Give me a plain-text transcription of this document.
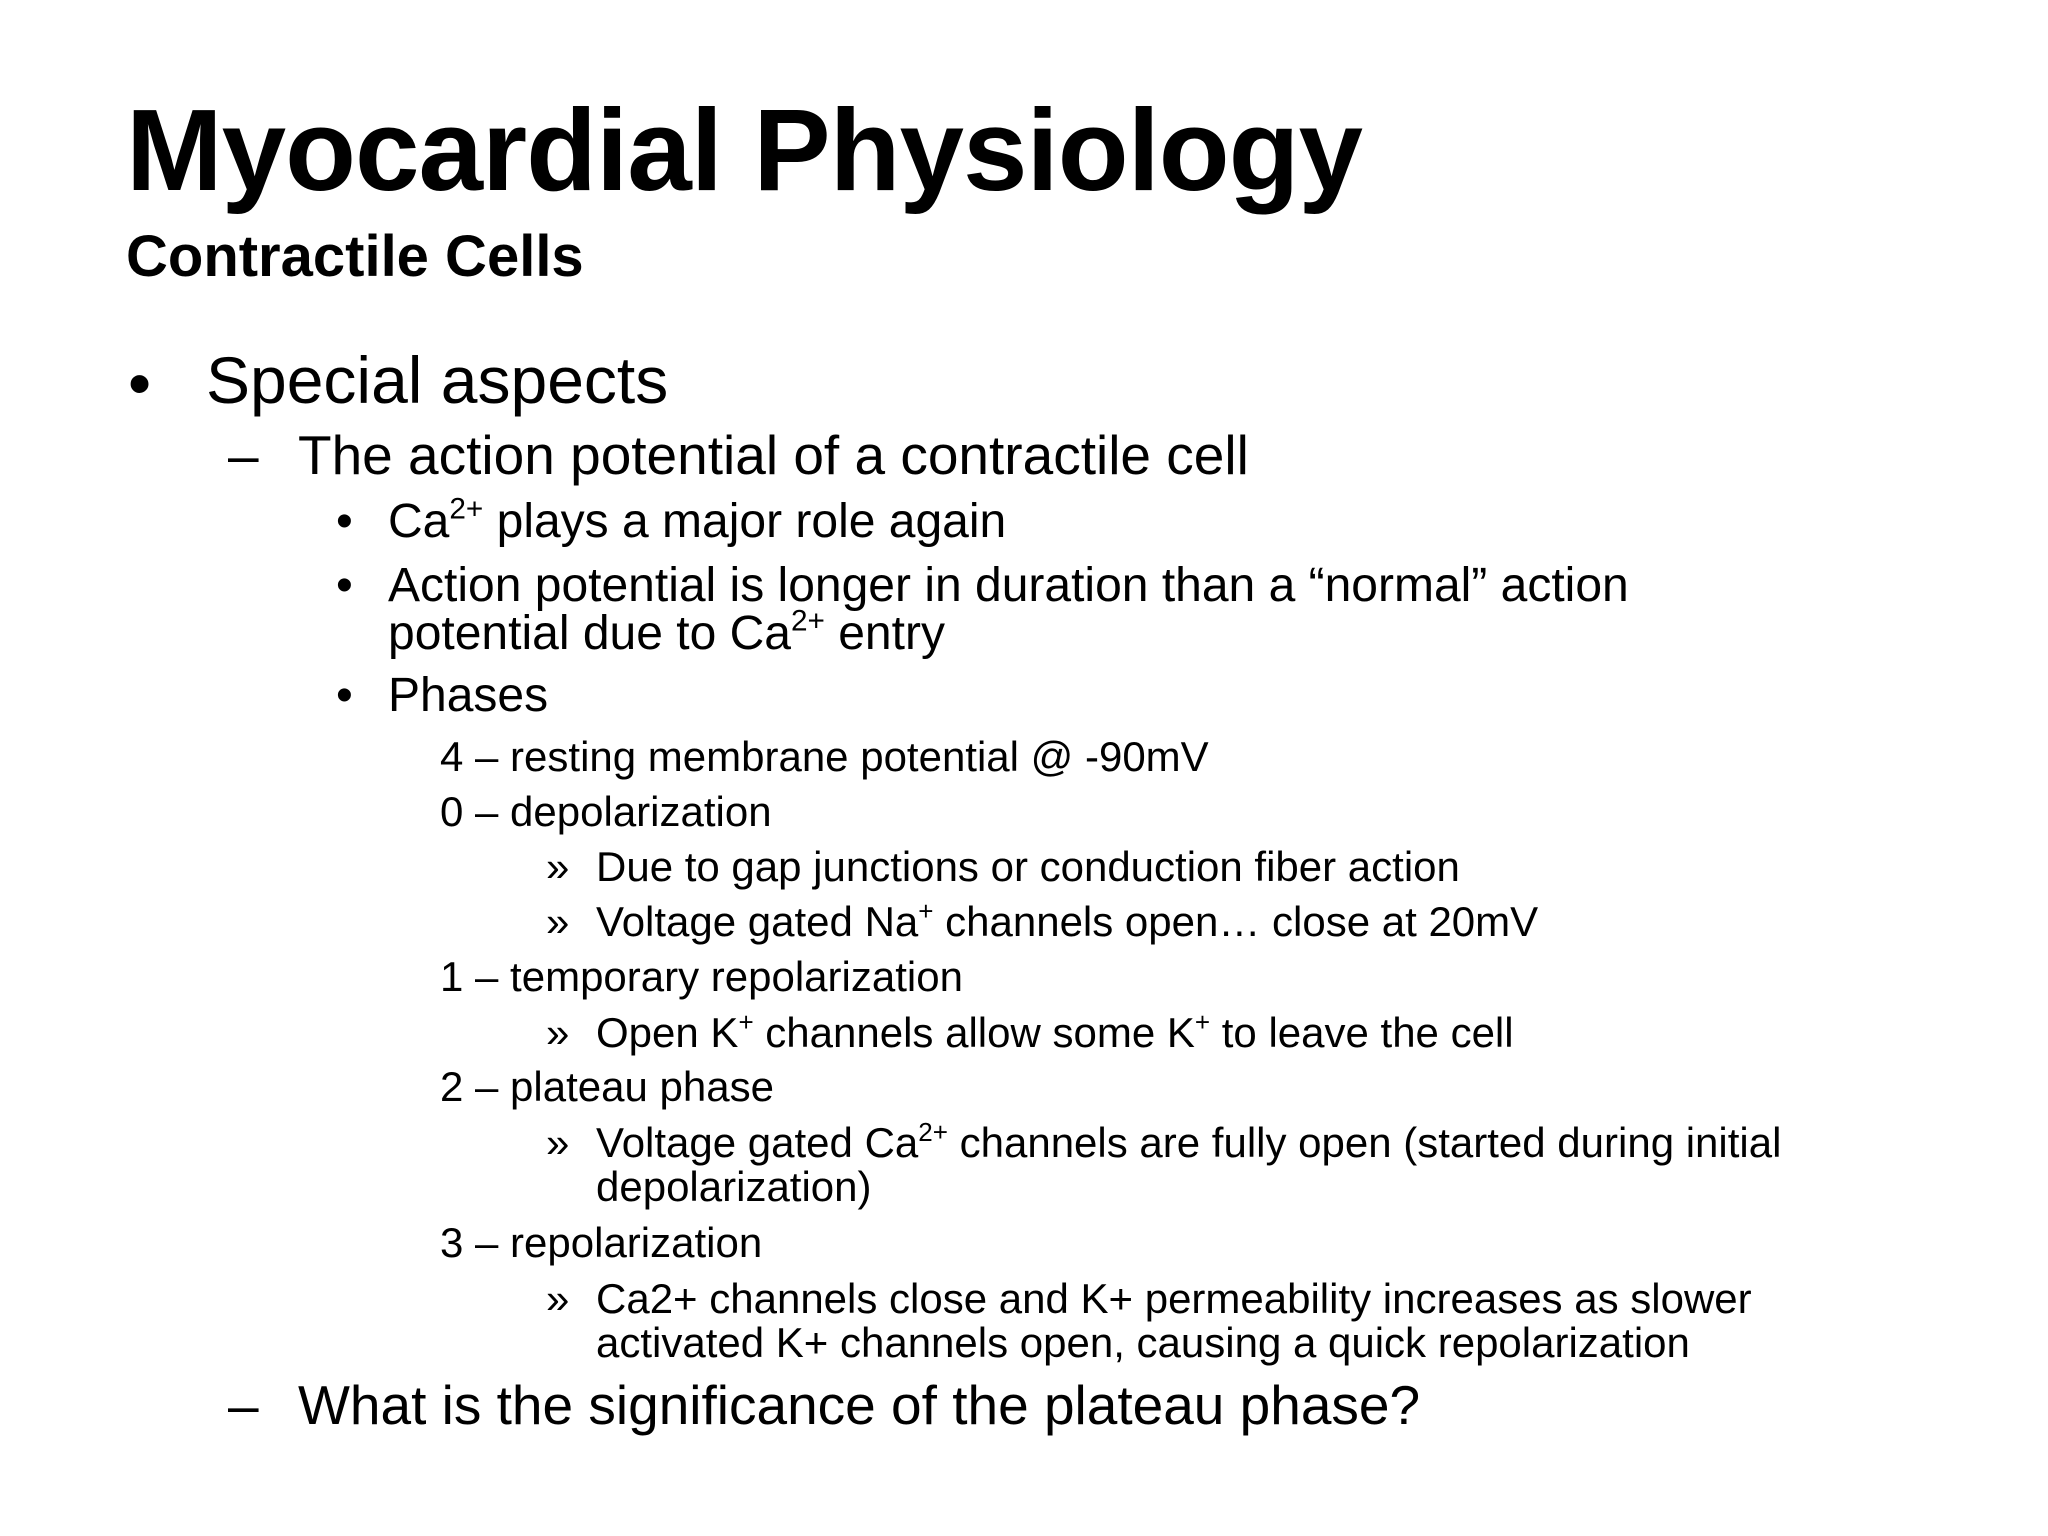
Myocardial Physiology
Contractile Cells
• Special aspects
– The action potential of a contractile cell
• $Ca^{2+}$ plays a major role again
• Action potential is longer in duration than a “normal” action
potential due to $Ca^{2+}$ entry
• Phases
4 – resting membrane potential @ -90mV
0 – depolarization
» Due to gap junctions or conduction fiber action
» Voltage gated Na+ channels open… close at 20mV
1 – temporary repolarization
» Open K+ channels allow some K+ to leave the cell
2 – plateau phase
» Voltage gated $Ca^{2+}$ channels are fully open (started during initial
depolarization)
3 – repolarization
» Ca2+ channels close and K+ permeability increases as slower
activated K+ channels open, causing a quick repolarization
– What is the significance of the plateau phase?
